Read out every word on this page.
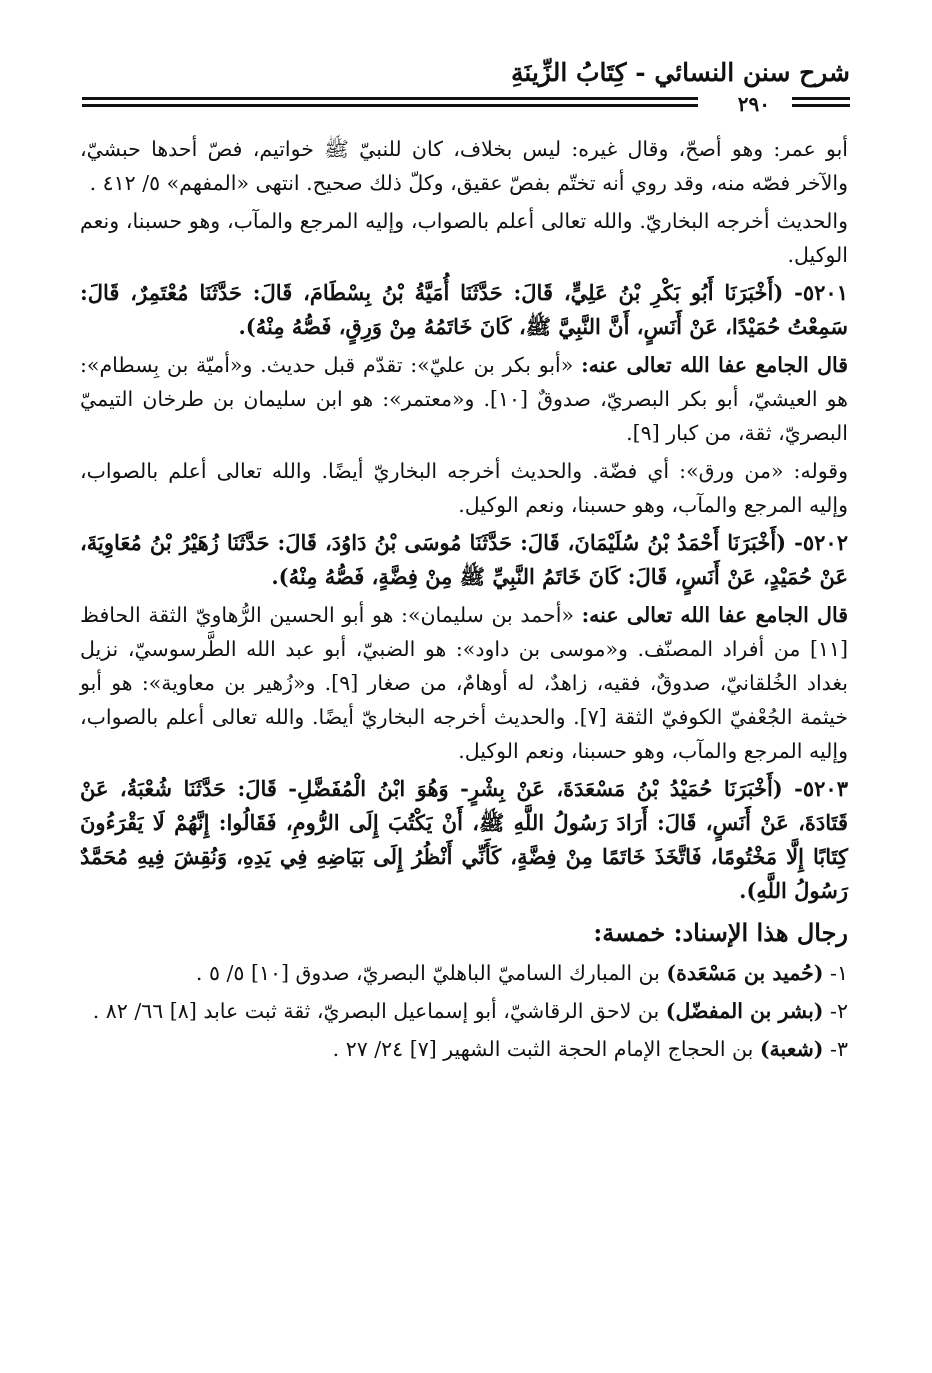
شرح سنن النسائي - كِتَابُ الزِّينَةِ
٢٩٠

أبو عمر: وهو أصحّ، وقال غيره: ليس بخلاف، كان للنبيّ ﷺ خواتيم، فصّ أحدها حبشيّ، والآخر فصّه منه، وقد روي أنه تختّم بفصّ عقيق، وكلّ ذلك صحيح. انتهى «المفهم» ٥/ ٤١٢ .

والحديث أخرجه البخاريّ. والله تعالى أعلم بالصواب، وإليه المرجع والمآب، وهو حسبنا، ونعم الوكيل.

٥٢٠١- (أَخْبَرَنَا أَبُو بَكْرِ بْنُ عَلِيٍّ، قَالَ: حَدَّثَنَا أُمَيَّةُ بْنُ بِسْطَامَ، قَالَ: حَدَّثَنَا مُعْتَمِرٌ، قَالَ: سَمِعْتُ حُمَيْدًا، عَنْ أَنَسٍ، أَنَّ النَّبِيَّ ﷺ، كَانَ خَاتَمُهُ مِنْ وَرِقٍ، فَصُّهُ مِنْهُ).

قال الجامع عفا الله تعالى عنه: «أبو بكر بن عليّ»: تقدّم قبل حديث. و«أميّة بن بِسطام»: هو العيشيّ، أبو بكر البصريّ، صدوقٌ [١٠]. و«معتمر»: هو ابن سليمان بن طرخان التيميّ البصريّ، ثقة، من كبار [٩].

وقوله: «من ورق»: أي فضّة. والحديث أخرجه البخاريّ أيضًا. والله تعالى أعلم بالصواب، وإليه المرجع والمآب، وهو حسبنا، ونعم الوكيل.

٥٢٠٢- (أَخْبَرَنَا أَحْمَدُ بْنُ سُلَيْمَانَ، قَالَ: حَدَّثَنَا مُوسَى بْنُ دَاوُدَ، قَالَ: حَدَّثَنَا زُهَيْرُ بْنُ مُعَاوِيَةَ، عَنْ حُمَيْدٍ، عَنْ أَنَسٍ، قَالَ: كَانَ خَاتَمُ النَّبِيِّ ﷺ مِنْ فِضَّةٍ، فَصُّهُ مِنْهُ).

قال الجامع عفا الله تعالى عنه: «أحمد بن سليمان»: هو أبو الحسين الرُّهاويّ الثقة الحافظ [١١] من أفراد المصنّف. و«موسى بن داود»: هو الضبيّ، أبو عبد الله الطَّرسوسيّ، نزيل بغداد الخُلقانيّ، صدوقٌ، فقيه، زاهدٌ، له أوهامٌ، من صغار [٩]. و«زُهير بن معاوية»: هو أبو خيثمة الجُعْفيّ الكوفيّ الثقة [٧]. والحديث أخرجه البخاريّ أيضًا. والله تعالى أعلم بالصواب، وإليه المرجع والمآب، وهو حسبنا، ونعم الوكيل.

٥٢٠٣- (أَخْبَرَنَا حُمَيْدُ بْنُ مَسْعَدَةَ، عَنْ بِشْرٍ- وَهُوَ ابْنُ الْمُفَضَّلِ- قَالَ: حَدَّثَنَا شُعْبَةُ، عَنْ قَتَادَةَ، عَنْ أَنَسٍ، قَالَ: أَرَادَ رَسُولُ اللَّهِ ﷺ، أَنْ يَكْتُبَ إِلَى الرُّومِ، فَقَالُوا: إِنَّهُمْ لَا يَقْرَءُونَ كِتَابًا إِلَّا مَخْتُومًا، فَاتَّخَذَ خَاتَمًا مِنْ فِضَّةٍ، كَأَنِّي أَنْظُرُ إِلَى بَيَاضِهِ فِي يَدِهِ، وَنُقِشَ فِيهِ مُحَمَّدٌ رَسُولُ اللَّهِ).

رجال هذا الإسناد: خمسة:

١- (حُميد بن مَسْعَدة) بن المبارك الساميّ الباهليّ البصريّ، صدوق [١٠] ٥/ ٥ .

٢- (بشر بن المفضّل) بن لاحق الرقاشيّ، أبو إسماعيل البصريّ، ثقة ثبت عابد [٨] ٦٦/ ٨٢ .

٣- (شعبة) بن الحجاج الإمام الحجة الثبت الشهير [٧] ٢٤/ ٢٧ .
